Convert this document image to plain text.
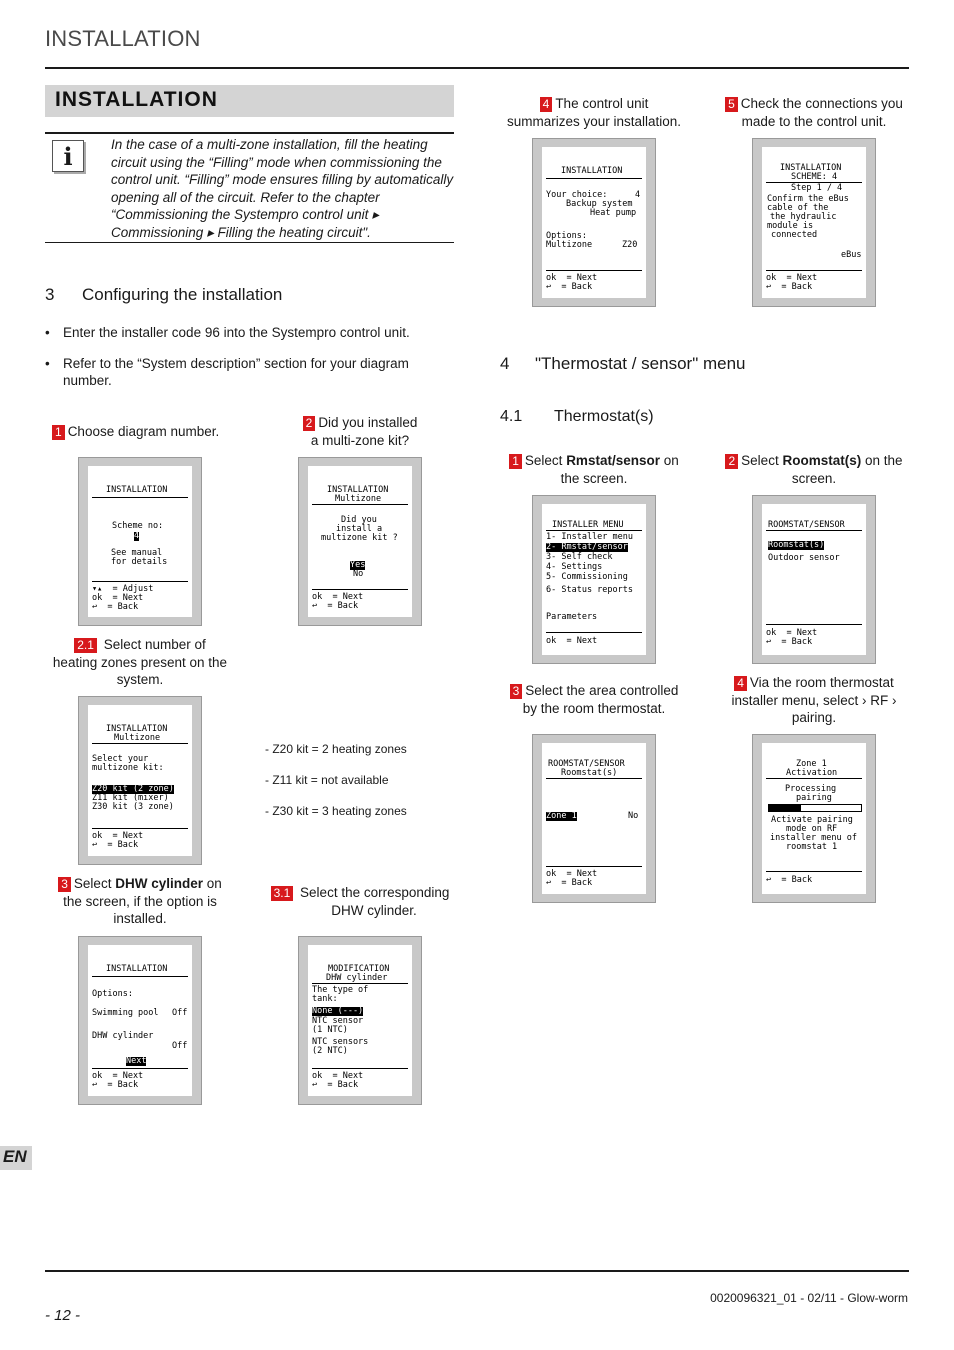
INSTALLATION
INSTALLATION
i	In the case of a multi-zone installation, fill the heating circuit using the “Filling” mode when commissioning the control unit. “Filling” mode ensures filling by automatically opening all of the circuit. Refer to the chapter “Commissioning the Systempro control unit ▸ Commissioning ▸ Filling the heating circuit".
3 Configuring the installation
• Enter the installer code 96 into the Systempro control unit.
• Refer to the “System description” section for your diagram number.
1 Choose diagram number.
INSTALLATION
Scheme no:
4
See manual
for details
▾▴  = Adjust
ok  = Next
↩  = Back
2 Did you installed
a multi-zone kit?
INSTALLATION
Multizone
Did you
install a
multizone kit ?
Yes
No
ok  = Next
↩  = Back
2.1 Select number of
heating zones present on the
system.
INSTALLATION
Multizone
Select your
multizone kit:
Z20 kit (2 zone)
Z11 kit (mixer)
Z30 kit (3 zone)
ok  = Next
↩  = Back
- Z20 kit = 2 heating zones
- Z11 kit = not available
- Z30 kit = 3 heating zones
3 Select DHW cylinder on
the screen, if the option is
installed.
INSTALLATION
Options:
Swimming pool Off
DHW cylinder
Off
Next
ok  = Next
↩  = Back
3.1 Select the corresponding
DHW cylinder.
MODIFICATION
DHW cylinder
The type of
tank:
None (---)
NTC sensor
(1 NTC)
NTC sensors
(2 NTC)
ok  = Next
↩  = Back
4 The control unit
summarizes your installation.
INSTALLATION
Your choice:	4
Backup system
Heat pump
Options:
Multizone	Z20
ok  = Next
↩  = Back
5 Check the connections you
made to the control unit.
INSTALLATION
SCHEME: 4
Step 1 / 4
Confirm the eBus
cable of the
the hydraulic
module is
connected
eBus
ok  = Next
↩  = Back
4 "Thermostat / sensor" menu
4.1 Thermostat(s)
1 Select Rmstat/sensor on
the screen.
INSTALLER MENU
1- Installer menu
2- Rmstat/sensor
3- Self check
4- Settings
5- Commissioning
6- Status reports
Parameters
ok  = Next
2 Select Roomstat(s) on the
screen.
ROOMSTAT/SENSOR
Roomstat(s)
Outdoor sensor
ok  = Next
↩  = Back
3 Select the area controlled
by the room thermostat.
ROOMSTAT/SENSOR
Roomstat(s)
Zone 1	No
ok  = Next
↩  = Back
4 Via the room thermostat
installer menu, select › RF ›
pairing.
Zone 1
Activation
Processing
pairing
Activate pairing
mode on RF
installer menu of
roomstat 1
↩  = Back
EN
0020096321_01 - 02/11 - Glow-worm
- 12 -
